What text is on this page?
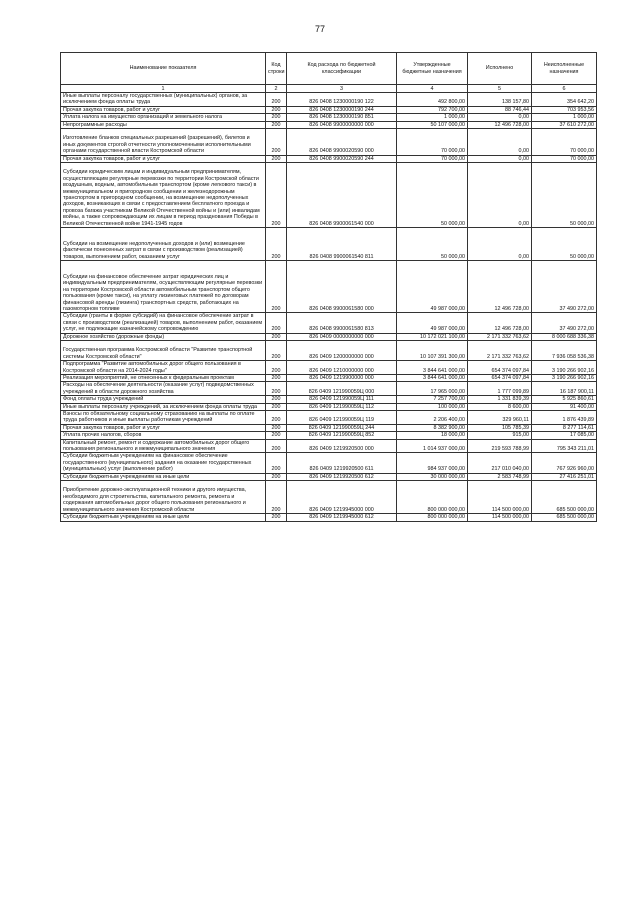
77
Наименование показателя	Код строки	Код расхода по бюджетной классификации	Утвержденные бюджетные назначения	Исполнено	Неисполненные назначения
1	2	3	4	5	6
Иные выплаты персоналу государственных (муниципальных) органов, за исключением фонда оплаты труда	200	826 0408 1230000190 122	492 800,00	138 157,80	354 642,20
Прочая закупка товаров, работ и услуг	200	826 0408 1230000190 244	792 700,00	88 746,44	703 953,56
Уплата налога на имущество организаций и земельного налога	200	826 0408 1230000190 851	1 000,00	0,00	1 000,00
Непрограммные расходы	200	826 0408 9900000000 000	50 107 000,00	12 496 728,00	37 610 272,00
Изготовление бланков специальных разрешений (разрешений), билетов и иных документов строгой отчетности уполномоченными исполнительными органами государственной власти Костромской области	200	826 0408 9900020590 000	70 000,00	0,00	70 000,00
Прочая закупка товаров, работ и услуг	200	826 0408 9900020590 244	70 000,00	0,00	70 000,00
Субсидии юридическим лицам и индивидуальным предпринимателям, осуществляющим регулярные перевозки по территории Костромской области воздушным, водным, автомобильным транспортом (кроме легкового такси) в межмуниципальном и пригородном сообщении и железнодорожным транспортом в пригородном сообщении, на возмещение недополученных доходов, возникающих в связи с предоставлением бесплатного проезда и провоза багажа участникам Великой Отечественной войны и (или) инвалидам войны, а также сопровождающим их лицам в период празднования Победы в Великой Отечественной войне 1941-1945 годов	200	826 0408 9900061540 000	50 000,00	0,00	50 000,00
Субсидии на возмещение недополученных доходов и (или) возмещение фактически понесенных затрат в связи с производством (реализацией) товаров, выполнением работ, оказанием услуг	200	826 0408 9900061540 811	50 000,00	0,00	50 000,00
Субсидии на финансовое обеспечение затрат юридических лиц и индивидуальным предпринимателям, осуществляющим регулярные перевозки на территории Костромской области автомобильным транспортом общего пользования (кроме такси), на уплату лизинговых платежей по договорам финансовой аренды (лизинга) транспортных средств, работающих на газомоторном топливе	200	826 0408 9900061580 000	49 987 000,00	12 496 728,00	37 490 272,00
Субсидии (гранты в форме субсидий) на финансовое обеспечение затрат в связи с производством (реализацией) товаров, выполнением работ, оказанием услуг, не подлежащие казначейскому сопровождению	200	826 0408 9900061580 813	49 987 000,00	12 496 728,00	37 490 272,00
Дорожное хозяйство (дорожные фонды)	200	826 0409 0000000000 000	10 172 021 100,00	2 171 332 763,62	8 000 688 336,38
Государственная программа Костромской области "Развитие транспортной системы Костромской области"	200	826 0409 1200000000 000	10 107 391 300,00	2 171 332 763,62	7 936 058 536,38
Подпрограмма "Развитие автомобильных дорог общего пользования в Костромской области на 2014-2024 годы"	200	826 0409 1210000000 000	3 844 641 000,00	654 374 097,84	3 190 266 902,16
Реализация мероприятий, не отнесенных к федеральным проектам	200	826 0409 1219900000 000	3 844 641 000,00	654 374 097,84	3 190 266 902,16
Расходы на обеспечение деятельности (оказание услуг) подведомственных учреждений в области дорожного хозяйства	200	826 0409 121990059Ц 000	17 965 000,00	1 777 099,89	16 187 900,11
Фонд оплаты труда учреждений	200	826 0409 121990059Ц 111	7 257 700,00	1 331 839,39	5 925 860,61
Иные выплаты персоналу учреждений, за исключением фонда оплаты труда	200	826 0409 121990059Ц 112	100 000,00	8 600,00	91 400,00
Взносы по обязательному социальному страхованию на выплаты по оплате труда работников и иные выплаты работникам учреждений	200	826 0409 121990059Ц 119	2 206 400,00	329 960,11	1 876 439,89
Прочая закупка товаров, работ и услуг	200	826 0409 121990059Ц 244	8 382 900,00	105 785,39	8 277 114,61
Уплата прочих налогов, сборов	200	826 0409 121990059Ц 852	18 000,00	915,00	17 085,00
Капитальный ремонт, ремонт и содержание автомобильных дорог общего пользования регионального и межмуниципального значения	200	826 0409 1219920500 000	1 014 937 000,00	219 593 788,99	795 343 211,01
Субсидии бюджетным учреждениям на финансовое обеспечение государственного (муниципального) задания на оказание государственных (муниципальных) услуг (выполнение работ)	200	826 0409 1219920500 611	984 937 000,00	217 010 040,00	767 926 960,00
Субсидии бюджетным учреждениям на иные цели	200	826 0409 1219920500 612	30 000 000,00	2 583 748,99	27 416 251,01
Приобретение дорожно-эксплуатационной техники и другого имущества, необходимого для строительства, капитального ремонта, ремонта и содержания автомобильных дорог общего пользования регионального и межмуниципального значения Костромской области	200	826 0409 1219945000 000	800 000 000,00	114 500 000,00	685 500 000,00
Субсидии бюджетным учреждениям на иные цели	200	826 0409 1219945000 612	800 000 000,00	114 500 000,00	685 500 000,00
